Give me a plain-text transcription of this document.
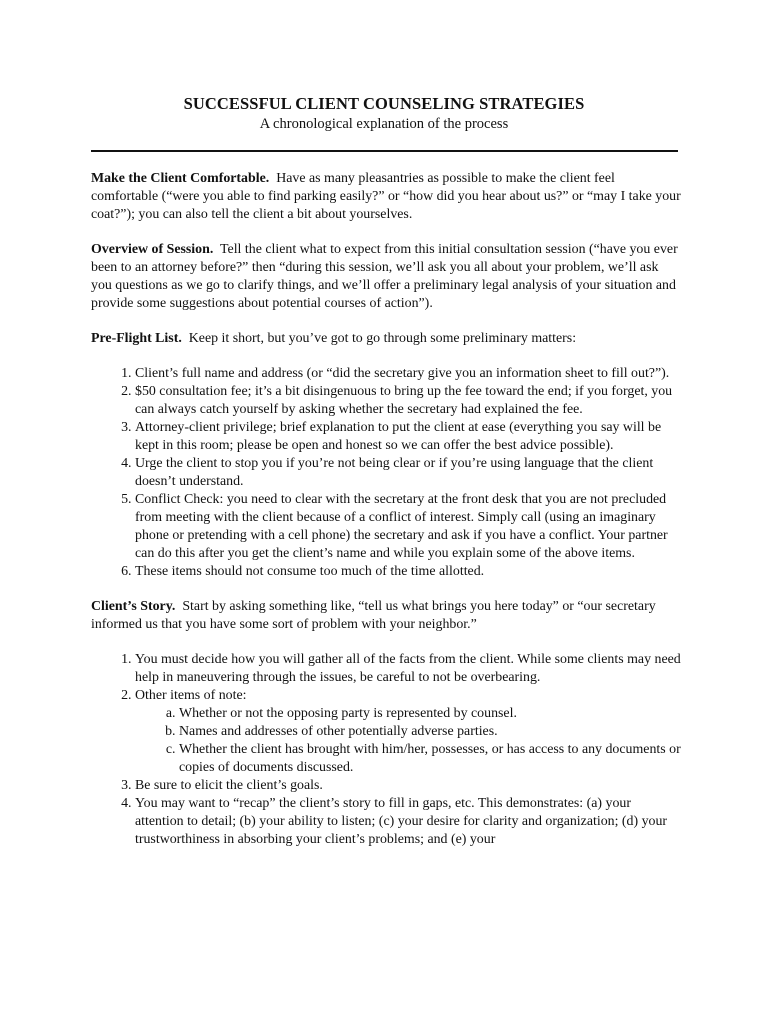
SUCCESSFUL CLIENT COUNSELING STRATEGIES
A chronological explanation of the process

Make the Client Comfortable. Have as many pleasantries as possible to make the client feel comfortable (“were you able to find parking easily?” or “how did you hear about us?” or “may I take your coat?”); you can also tell the client a bit about yourselves.

Overview of Session. Tell the client what to expect from this initial consultation session (“have you ever been to an attorney before?” then “during this session, we’ll ask you all about your problem, we’ll ask you questions as we go to clarify things, and we’ll offer a preliminary legal analysis of your situation and provide some suggestions about potential courses of action”).

Pre-Flight List. Keep it short, but you’ve got to go through some preliminary matters:

1. Client’s full name and address (or “did the secretary give you an information sheet to fill out?”).
2. $50 consultation fee; it’s a bit disingenuous to bring up the fee toward the end; if you forget, you can always catch yourself by asking whether the secretary had explained the fee.
3. Attorney-client privilege; brief explanation to put the client at ease (everything you say will be kept in this room; please be open and honest so we can offer the best advice possible).
4. Urge the client to stop you if you’re not being clear or if you’re using language that the client doesn’t understand.
5. Conflict Check: you need to clear with the secretary at the front desk that you are not precluded from meeting with the client because of a conflict of interest. Simply call (using an imaginary phone or pretending with a cell phone) the secretary and ask if you have a conflict. Your partner can do this after you get the client’s name and while you explain some of the above items.
6. These items should not consume too much of the time allotted.

Client’s Story. Start by asking something like, “tell us what brings you here today” or “our secretary informed us that you have some sort of problem with your neighbor.”

1. You must decide how you will gather all of the facts from the client. While some clients may need help in maneuvering through the issues, be careful to not be overbearing.
2. Other items of note:
a. Whether or not the opposing party is represented by counsel.
b. Names and addresses of other potentially adverse parties.
c. Whether the client has brought with him/her, possesses, or has access to any documents or copies of documents discussed.
3. Be sure to elicit the client’s goals.
4. You may want to “recap” the client’s story to fill in gaps, etc. This demonstrates: (a) your attention to detail; (b) your ability to listen; (c) your desire for clarity and organization; (d) your trustworthiness in absorbing your client’s problems; and (e) your
